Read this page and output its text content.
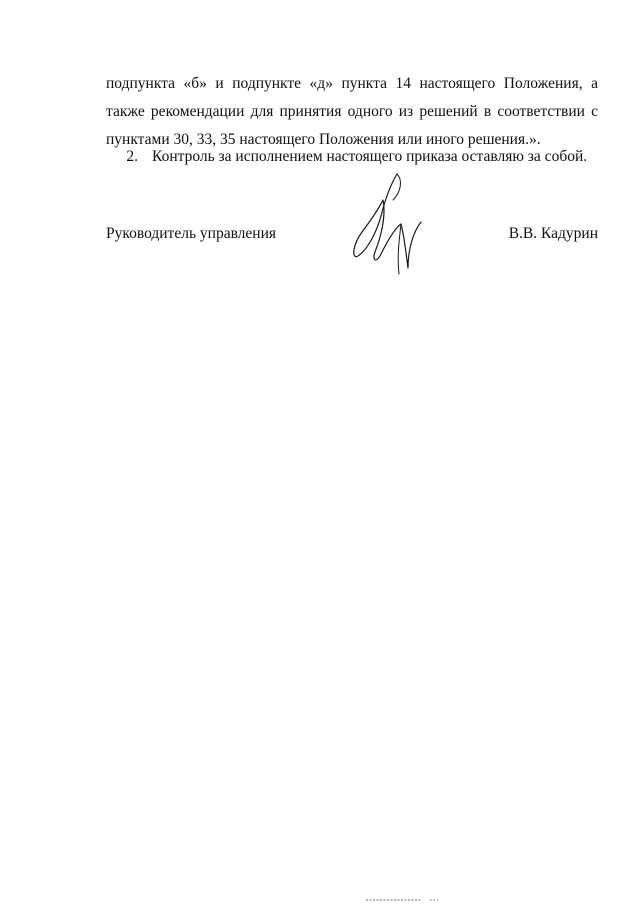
подпункта «б» и подпункте «д» пункта 14 настоящего Положения, а также рекомендации для принятия одного из решений в соответствии с пунктами 30, 33, 35 настоящего Положения или иного решения.».

2. Контроль за исполнением настоящего приказа оставляю за собой.

Руководитель управления	В.В. Кадурин
